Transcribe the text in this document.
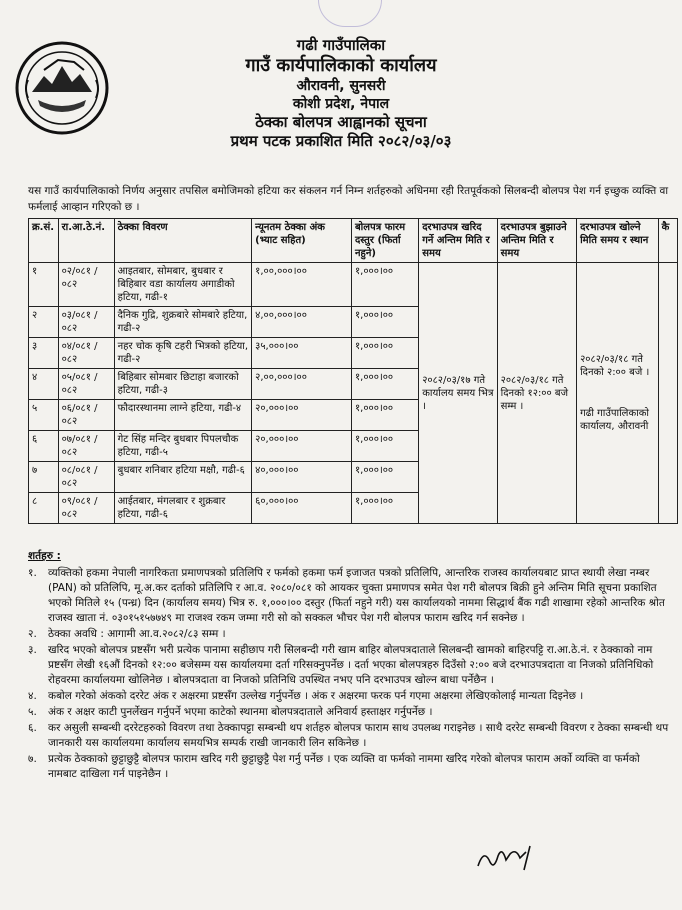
गढी गाउँपालिका
गाउँ कार्यपालिकाको कार्यालय
औरावनी, सुनसरी
कोशी प्रदेश, नेपाल
ठेक्का बोलपत्र आह्वानको सूचना
प्रथम पटक प्रकाशित मिति २०८२/०३/०३
यस गाउँ कार्यपालिकाको निर्णय अनुसार तपसिल बमोजिमको हटिया कर संकलन गर्न निम्न शर्तहरुको अधिनमा रही रितपूर्वकको सिलबन्दी बोलपत्र पेश गर्न इच्छुक व्यक्ति वा फर्मलाई आव्हान गरिएको छ ।
क्र.सं.	रा.आ.ठे.नं.	ठेक्का विवरण	न्यूनतम ठेक्का अंक (भ्याट सहित)	बोलपत्र फारम दस्तुर (फिर्ता नहुने)	दरभाउपत्र खरिद गर्ने अन्तिम मिति र समय	दरभाउपत्र बुझाउने अन्तिम मिति र समय	दरभाउपत्र खोल्ने मिति समय र स्थान	कै
१	०२/०८१ /०८२	आइतबार, सोमबार, बुधबार र बिहिबार वडा कार्यालय अगाडीको हटिया, गढी-१	१,००,०००।००	१,०००।००	२०८२/०३/१७ गते कार्यालय समय भित्र ।	२०८२/०३/१८ गते दिनको १२:०० बजे सम्म ।	२०८२/०३/१८ गते दिनको २:०० बजे ।
गढी गाउँपालिकाको कार्यालय, औरावनी	

२	०३/०८१ /०८२	दैनिक गुद्रि, शुक्रबारे सोमबारे हटिया, गढी-२	४,००,०००।००	१,०००।००				
३	०४/०८१ /०८२	नहर चोक कृषि टहरी भित्रको हटिया, गढी-२	३५,०००।००	१,०००।००				
४	०५/०८१ /०८२	बिहिबार सोमबार छिटाहा बजारको हटिया, गढी-३	२,००,०००।००	१,०००।००				
५	०६/०८१ /०८२	फौदारस्थानमा लाग्ने हटिया, गढी-४	२०,०००।००	१,०००।००				
६	०७/०८१ /०८२	गेट सिंह मन्दिर बुधबार पिपलचौक हटिया, गढी-५	२०,०००।००	१,०००।००				
७	०८/०८१ /०८२	बुधबार शनिबार हटिया मक्षौ, गढी-६	४०,०००।००	१,०००।००				
८	०९/०८१ /०८२	आईतबार, मंगलबार र शुक्रबार हटिया, गढी-६	६०,०००।००	१,०००।००				
शर्तहरु :
१.	व्यक्तिको हकमा नेपाली नागरिकता प्रमाणपत्रको प्रतिलिपि र फर्मको हकमा फर्म इजाजत पत्रको प्रतिलिपि, आन्तरिक राजस्व कार्यालयबाट प्राप्त स्थायी लेखा नम्बर (PAN) को प्रतिलिपि, मू.अ.कर दर्ताको प्रतिलिपि र आ.व. २०८०/०८१ को आयकर चुक्ता प्रमाणपत्र समेत पेश गरी बोलपत्र बिक्री हुने अन्तिम मिति सूचना प्रकाशित भएको मितिले १५ (पन्ध्र) दिन (कार्यालय समय) भित्र रु. १,०००।०० दस्तुर (फिर्ता नहुने गरी) यस कार्यालयको नाममा सिद्धार्थ बैंक गढी शाखामा रहेको आन्तरिक श्रोत राजस्व खाता नं. ०३०१५१५७७४९ मा राजश्व रकम जम्मा गरी सो को सक्कल भौचर पेश गरी बोलपत्र फाराम खरिद गर्न सक्नेछ ।
२.	ठेक्का अवधि : आगामी आ.व.२०८२/८३ सम्म ।
३.	खरिद भएको बोलपत्र प्रष्टसँग भरी प्रत्येक पानामा सहीछाप गरी सिलबन्दी गरी खाम बाहिर बोलपत्रदाताले सिलबन्दी खामको बाहिरपट्टि रा.आ.ठे.नं. र ठेक्काको नाम प्रष्टसँग लेखी १६औं दिनको १२:०० बजेसम्म यस कार्यालयमा दर्ता गरिसक्नुपर्नेछ । दर्ता भएका बोलपत्रहरु दिउँसो २:०० बजे दरभाउपत्रदाता वा निजको प्रतिनिधिको रोहवरमा कार्यालयमा खोलिनेछ । बोलपत्रदाता वा निजको प्रतिनिधि उपस्थित नभए पनि दरभाउपत्र खोल्न बाधा पर्नेछैन ।
४.	कबोल गरेको अंकको दररेट अंक र अक्षरमा प्रष्टसँग उल्लेख गर्नुपर्नेछ । अंक र अक्षरमा फरक पर्न गएमा अक्षरमा लेखिएकोलाई मान्यता दिइनेछ ।
५.	अंक र अक्षर काटी पुनर्लेखन गर्नुपर्ने भएमा काटेको स्थानमा बोलपत्रदाताले अनिवार्य हस्ताक्षर गर्नुपर्नेछ ।
६.	कर असुली सम्बन्धी दररेटहरुको विवरण तथा ठेक्कापट्टा सम्बन्धी थप शर्तहरु बोलपत्र फाराम साथ उपलब्ध गराइनेछ । साथै दररेट सम्बन्धी विवरण र ठेक्का सम्बन्धी थप जानकारी यस कार्यालयमा कार्यालय समयभित्र सम्पर्क राखी जानकारी लिन सकिनेछ ।
७.	प्रत्येक ठेक्काको छुट्टाछुट्टै बोलपत्र फाराम खरिद गरी छुट्टाछुट्टै पेश गर्नु पर्नेछ । एक व्यक्ति वा फर्मको नाममा खरिद गरेको बोलपत्र फाराम अर्को व्यक्ति वा फर्मको नामबाट दाखिला गर्न पाइनेछैन ।
